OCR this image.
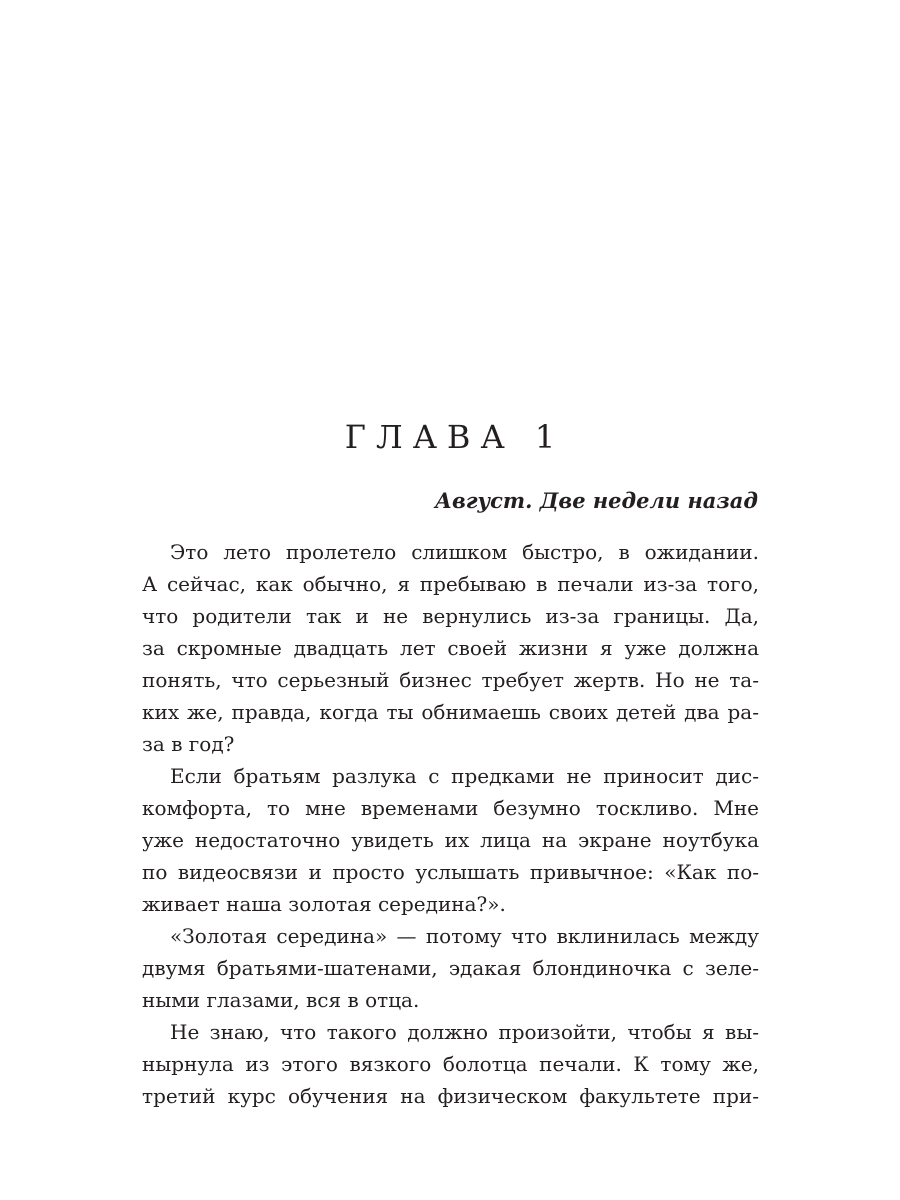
ГЛАВА 1
Август. Две недели назад
Это лето пролетело слишком быстро, в ожидании.
А сейчас, как обычно, я пребываю в печали из-за того,
что родители так и не вернулись из-за границы. Да,
за скромные двадцать лет своей жизни я уже должна
понять, что серьезный бизнес требует жертв. Но не та-
ких же, правда, когда ты обнимаешь своих детей два ра-
за в год?
Если братьям разлука с предками не приносит дис-
комфорта, то мне временами безумно тоскливо. Мне
уже недостаточно увидеть их лица на экране ноутбука
по видеосвязи и просто услышать привычное: «Как по-
живает наша золотая середина?».
«Золотая середина» — потому что вклинилась между
двумя братьями-шатенами, эдакая блондиночка с зеле-
ными глазами, вся в отца.
Не знаю, что такого должно произойти, чтобы я вы-
нырнула из этого вязкого болотца печали. К тому же,
третий курс обучения на физическом факультете при-
